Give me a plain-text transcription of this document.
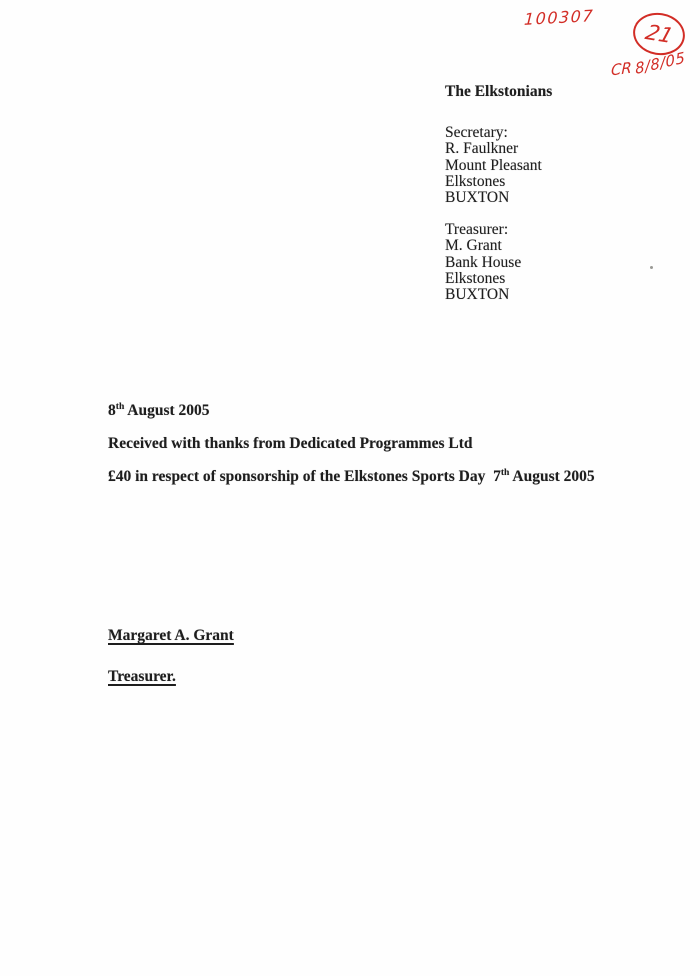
100307
21
CR 8/8/05
The Elkstonians
Secretary:
R. Faulkner
Mount Pleasant
Elkstones
BUXTON
Treasurer:
M. Grant
Bank House
Elkstones
BUXTON
8th August 2005
Received with thanks from Dedicated Programmes Ltd
£40 in respect of sponsorship of the Elkstones Sports Day  7th August 2005
Margaret A. Grant
Treasurer.
